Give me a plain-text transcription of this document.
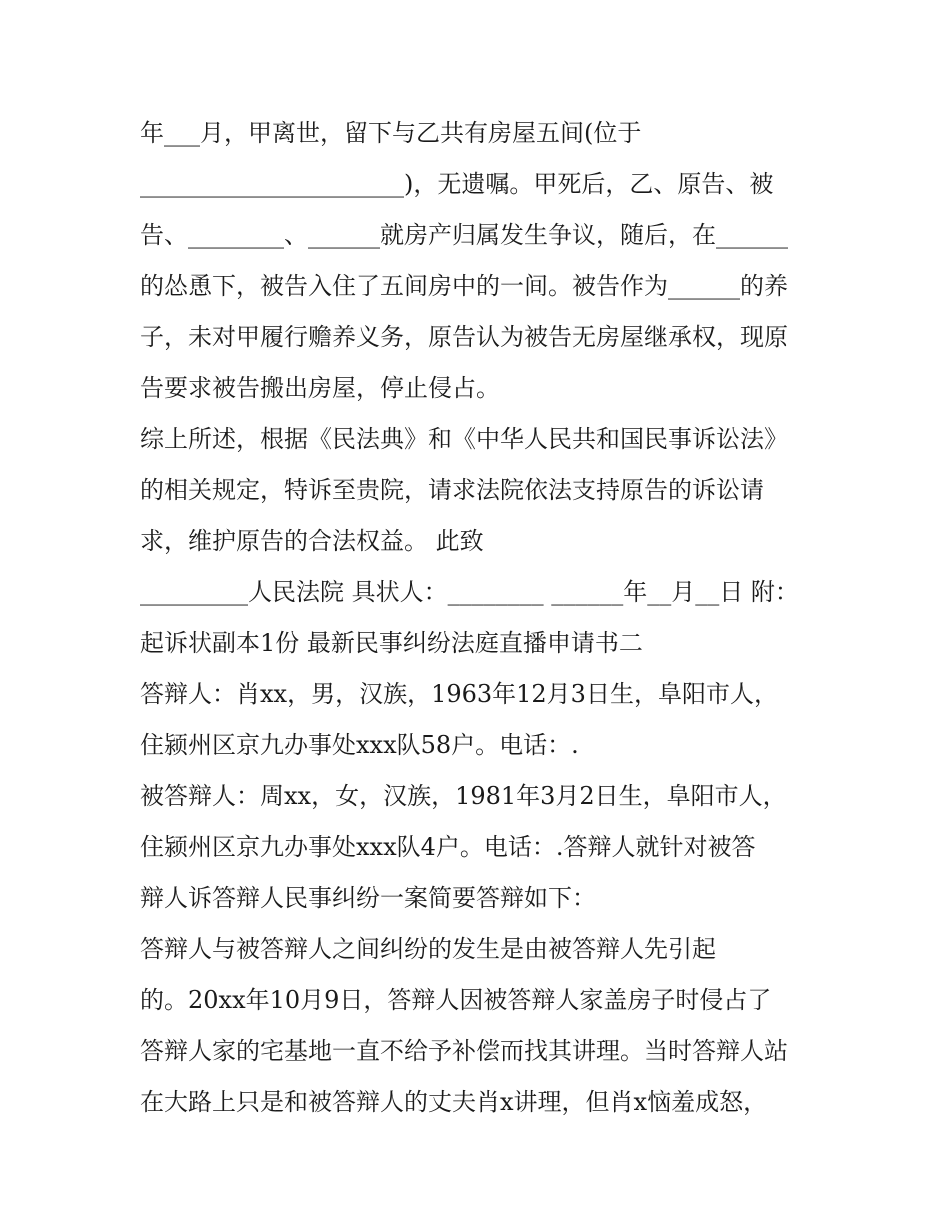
年___月，甲离世，留下与乙共有房屋五间(位于
______________________)，无遗嘱。甲死后，乙、原告、被
告、________、______就房产归属发生争议，随后，在______
的怂恿下，被告入住了五间房中的一间。被告作为______的养
子，未对甲履行赡养义务，原告认为被告无房屋继承权，现原
告要求被告搬出房屋，停止侵占。
综上所述，根据《民法典》和《中华人民共和国民事诉讼法》
的相关规定，特诉至贵院，请求法院依法支持原告的诉讼请
求，维护原告的合法权益。 此致
_________人民法院 具状人：________ ______年__月__日 附：
起诉状副本1份 最新民事纠纷法庭直播申请书二
答辩人：肖xx，男，汉族，1963年12月3日生，阜阳市人，
住颍州区京九办事处xxx队58户。电话：.
被答辩人：周xx，女，汉族，1981年3月2日生，阜阳市人，
住颍州区京九办事处xxx队4户。电话：.答辩人就针对被答
辩人诉答辩人民事纠纷一案简要答辩如下：
答辩人与被答辩人之间纠纷的发生是由被答辩人先引起
的。20xx年10月9日，答辩人因被答辩人家盖房子时侵占了
答辩人家的宅基地一直不给予补偿而找其讲理。当时答辩人站
在大路上只是和被答辩人的丈夫肖x讲理，但肖x恼羞成怒，
